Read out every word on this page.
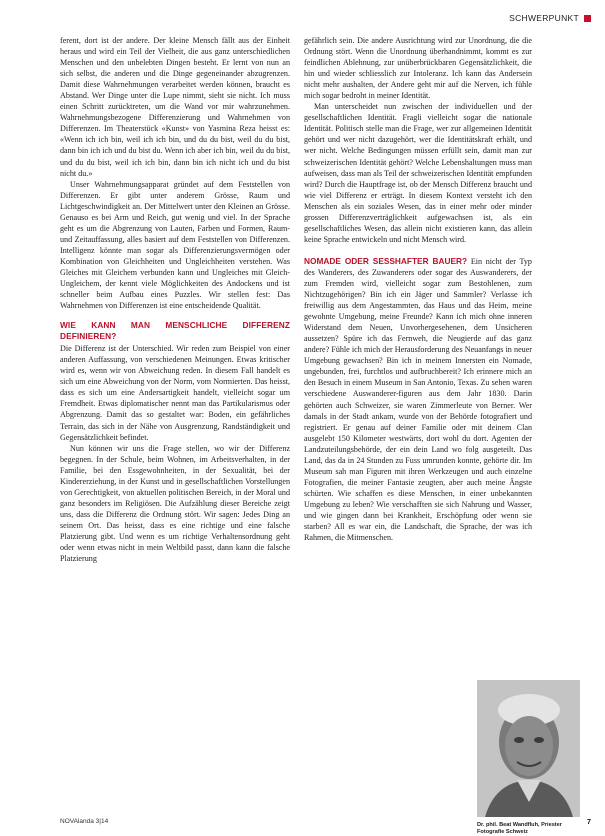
SCHWERPUNKT

ferent, dort ist der andere. Der kleine Mensch fällt aus der Einheit heraus und wird ein Teil der Vielheit, die aus ganz unterschiedlichen Menschen und den unbelebten Dingen besteht. Er lernt von nun an sich selbst, die anderen und die Dinge gegeneinander abzugrenzen. Damit diese Wahrnehmungen verarbeitet werden können, braucht es Abstand. Wer Dinge unter die Lupe nimmt, sieht sie nicht. Ich muss einen Schritt zurücktreten, um die Wand vor mir wahrzunehmen. Wahrnehmungsbezogene Differenzierung und Wahrnehmen von Differenzen. Im Theaterstück «Kunst» von Yasmina Reza heisst es: «Wenn ich ich bin, weil ich ich bin, und du du bist, weil du du bist, dann bin ich ich und du bist du. Wenn ich aber ich bin, weil du du bist, und du du bist, weil ich ich bin, dann bin ich nicht ich und du bist nicht du.»

Unser Wahrnehmungsapparat gründet auf dem Feststellen von Differenzen. Er gibt unter anderem Grösse, Raum und Lichtgeschwindigkeit an. Der Mittelwert unter den Kleinen an Grösse. Genauso es bei Arm und Reich, gut wenig und viel. In der Sprache geht es um die Abgrenzung von Lauten, Farben und Formen, Raum- und Zeitauffassung, alles basiert auf dem Feststellen von Differenzen. Intelligenz könnte man sogar als Differenzierungsvermögen oder Kombination von Gleichheiten und Ungleichheiten verstehen. Was Gleiches mit Gleichem verbunden kann und Ungleiches mit Gleich-Ungleichem, der kennt viele Möglichkeiten des Andockens und ist schneller beim Aufbau eines Puzzles. Wir stellen fest: Das Wahrnehmen von Differenzen ist eine entscheidende Qualität.

WIE KANN MAN MENSCHLICHE DIFFERENZ DEFINIEREN?

Die Differenz ist der Unterschied. Wir reden zum Beispiel von einer anderen Auffassung, von verschiedenen Meinungen. Etwas kritischer wird es, wenn wir von Abweichung reden. In diesem Fall handelt es sich um eine Abweichung von der Norm, vom Normierten. Das heisst, dass es sich um eine Andersartigkeit handelt, vielleicht sogar um Fremdheit. Etwas diplomatischer nennt man das Partikularismus oder Abgrenzung. Damit das so gestaltet war: Boden, ein gefährliches Terrain, das sich in der Nähe von Ausgrenzung, Randständigkeit und Gegensätzlichkeit befindet.

Nun können wir uns die Frage stellen, wo wir der Differenz begegnen. In der Schule, beim Wohnen, im Arbeitsverhalten, in der Familie, bei den Essgewohnheiten, in der Sexualität, bei der Kindererziehung, in der Kunst und in gesellschaftlichen Vorstellungen von Gerechtigkeit, von aktuellen politischen Bereich, in der Moral und ganz besonders im Religiösen. Die Aufzählung dieser Bereiche zeigt uns, dass die Differenz die Ordnung stört. Wir sagen: Jedes Ding an seinem Ort. Das heisst, dass es eine richtige und eine falsche Platzierung gibt. Und wenn es um richtige Verhaltensordnung geht oder wenn etwas nicht in mein Weltbild passt, dann kann die falsche Platzierung

gefährlich sein. Die andere Ausrichtung wird zur Unordnung, die die Ordnung stört. Wenn die Unordnung überhandnimmt, kommt es zur feindlichen Ablehnung, zur unüberbrückbaren Gegensätzlichkeit, die hin und wieder schliesslich zur Intoleranz. Ich kann das Andersein nicht mehr aushalten, der Andere geht mir auf die Nerven, ich fühle mich sogar bedroht in meiner Identität.

Man unterscheidet nun zwischen der individuellen und der gesellschaftlichen Identität. Fragli vielleicht sogar die nationale Identität. Politisch stelle man die Frage, wer zur allgemeinen Identität gehört und wer nicht dazugehört, wer die Identitätskraft erhält, und wer nicht. Welche Bedingungen müssen erfüllt sein, damit man zur schweizerischen Identität gehört? Welche Lebenshaltungen muss man aufweisen, dass man als Teil der schweizerischen Identität empfunden wird? Durch die Hauptfrage ist, ob der Mensch Differenz braucht und wie viel Differenz er erträgt. In diesem Kontext versteht ich den Menschen als ein soziales Wesen, das in einer mehr oder minder grossen Differenzverträglichkeit aufgewachsen ist, als ein gesellschaftliches Wesen, das allein nicht existieren kann, das allein keine Sprache entwickeln und nicht Mensch wird.

NOMADE ODER SESSHAFTER BAUER? Ein nicht der Typ des Wanderers, des Zuwanderers oder sogar des Auswanderers, der zum Fremden wird, vielleicht sogar zum Bestohlenen, zum Nichtzugehörigen? Bin ich ein Jäger und Sammler? Verlasse ich freiwillig aus dem Angestammten, das Haus und das Heim, meine gewohnte Umgebung, meine Freunde? Kann ich mich ohne inneren Widerstand dem Neuen, Unvorhergesehenen, dem Unsicheren aussetzen? Spüre ich das Fernweh, die Neugierde auf das ganz andere? Fühle ich mich der Herausforderung des Neuanfangs in neuer Umgebung gewachsen? Bin ich in meinem Innersten ein Nomade, ungebunden, frei, furchtlos und aufbruchbereit? Ich erinnere mich an den Besuch in einem Museum in San Antonio, Texas. Zu sehen waren verschiedene Auswanderer-figuren aus dem Jahr 1830. Darin gehörten auch Schweizer, sie waren Zimmerleute von Berner. Wer damals in der Stadt ankam, wurde von der Behörde fotografiert und registriert. Er genau auf deiner Familie oder mit deinem Clan ausgelebt 150 Kilometer westwärts, dort wohl du dort. Agenten der Landzuteilungsbehörde, der ein dein Land wo folg ausgeteilt. Das Land, das da in 24 Stunden zu Fuss umrunden konnte, gehörte dir. Im Museum sah man Figuren mit ihren Werkzeugen und auch einzelne Fotografien, die meiner Fantasie zeugten, aber auch meine Ängste schürten. Wie schaffen es diese Menschen, in einer unbekannten Umgebung zu leben? Wie verschafften sie sich Nahrung und Wasser, und wie gingen dann bei Krankheit, Erschöpfung oder wenn sie starben? All es war ein, die Landschaft, die Sprache, der was ich Rahmen, die Mitmenschen.

Dr. phil. Beat Wandfluh, Priester Fotografie Schweiz
NOVAlanda 3|14	7
